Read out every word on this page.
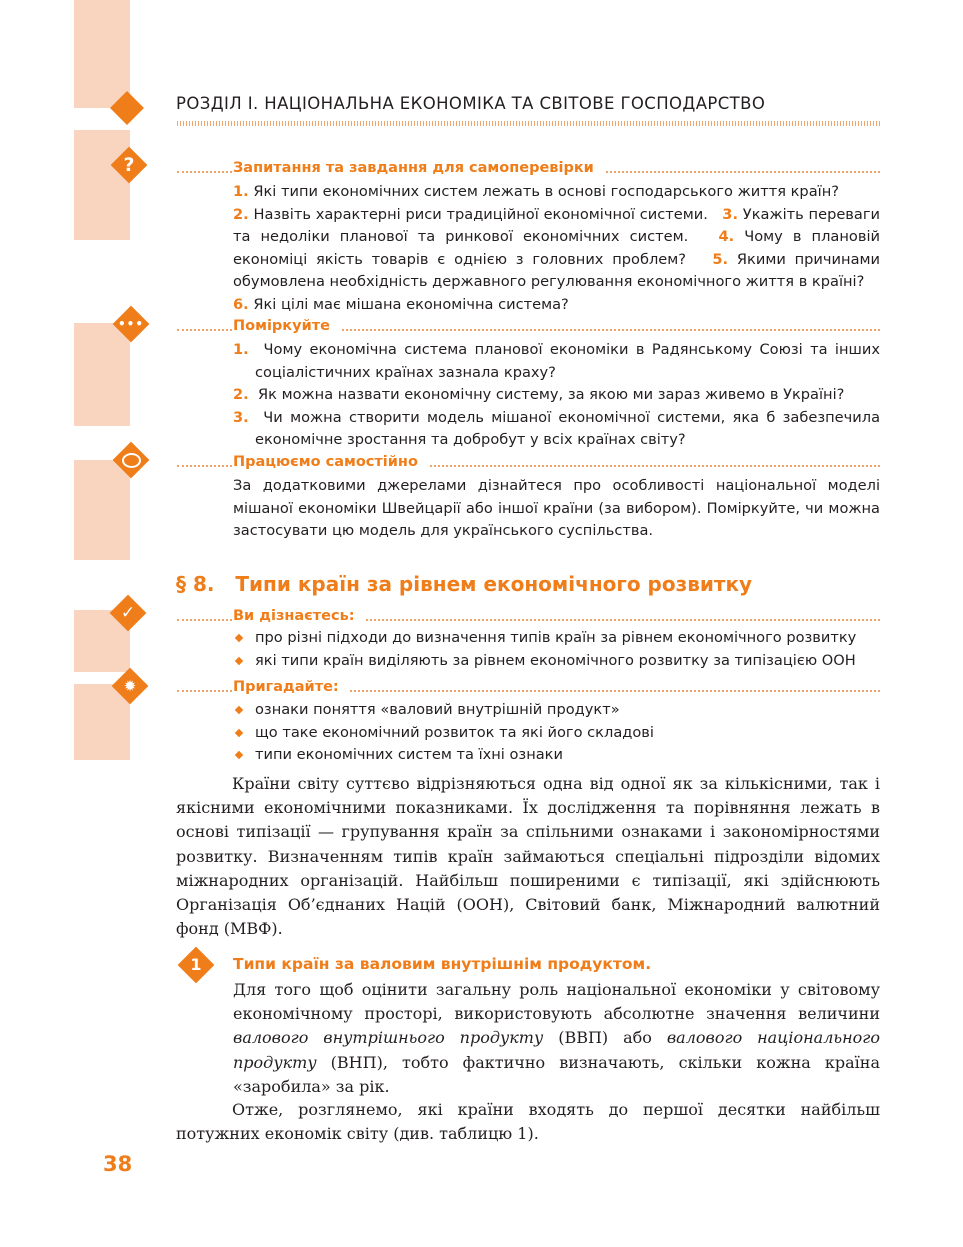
РОЗДІЛ I. НАЦІОНАЛЬНА ЕКОНОМІКА ТА СВІТОВЕ ГОСПОДАРСТВО
?	Запитання та завдання для самоперевірки
1. Які типи економічних систем лежать в основі господарського життя країн?
2. Назвіть характерні риси традиційної економічної системи. 3. Укажіть переваги та недоліки планової та ринкової економічних систем. 4. Чому в плановій економіці якість товарів є однією з головних проблем? 5. Якими причинами обумовлена необхідність державного регулювання економічного життя в країні?
6. Які цілі має мішана економічна система?
•••	Поміркуйте
1. Чому економічна система планової економіки в Радянському Союзі та інших соціалістичних країнах зазнала краху?
2. Як можна назвати економічну систему, за якою ми зараз живемо в Україні?
3. Чи можна створити модель мішаної економічної системи, яка б забезпечила економічне зростання та добробут у всіх країнах світу?
Працюємо самостійно
За додатковими джерелами дізнайтеся про особливості національної моделі мішаної економіки Швейцарії або іншої країни (за вибором). Поміркуйте, чи можна застосувати цю модель для українського суспільства.
§ 8. Типи країн за рівнем економічного розвитку
✓	Ви дізнаєтесь:
про різні підходи до визначення типів країн за рівнем економічного розвитку
які типи країн виділяють за рівнем економічного розвитку за типізацією ООН
✹	Пригадайте:
ознаки поняття «валовий внутрішній продукт»
що таке економічний розвиток та які його складові
типи економічних систем та їхні ознаки
Країни світу суттєво відрізняються одна від одної як за кількісними, так і якісними економічними показниками. Їх дослідження та порівняння лежать в основі типізації — групування країн за спільними ознаками і закономірностями розвитку. Визначенням типів країн займаються спеціальні підрозділи відомих міжнародних організацій. Найбільш поширеними є типізації, які здійснюють Організація Об’єднаних Націй (ООН), Світовий банк, Міжнародний валютний фонд (МВФ).
1 Типи країн за валовим внутрішнім продуктом.
Для того щоб оцінити загальну роль національної економіки у світовому економічному просторі, використовують абсолютне значення величини валового внутрішнього продукту (ВВП) або валового національного продукту (ВНП), тобто фактично визначають, скільки кожна країна «заробила» за рік.
Отже, розглянемо, які країни входять до першої десятки найбільш потужних економік світу (див. таблицю 1).
38
